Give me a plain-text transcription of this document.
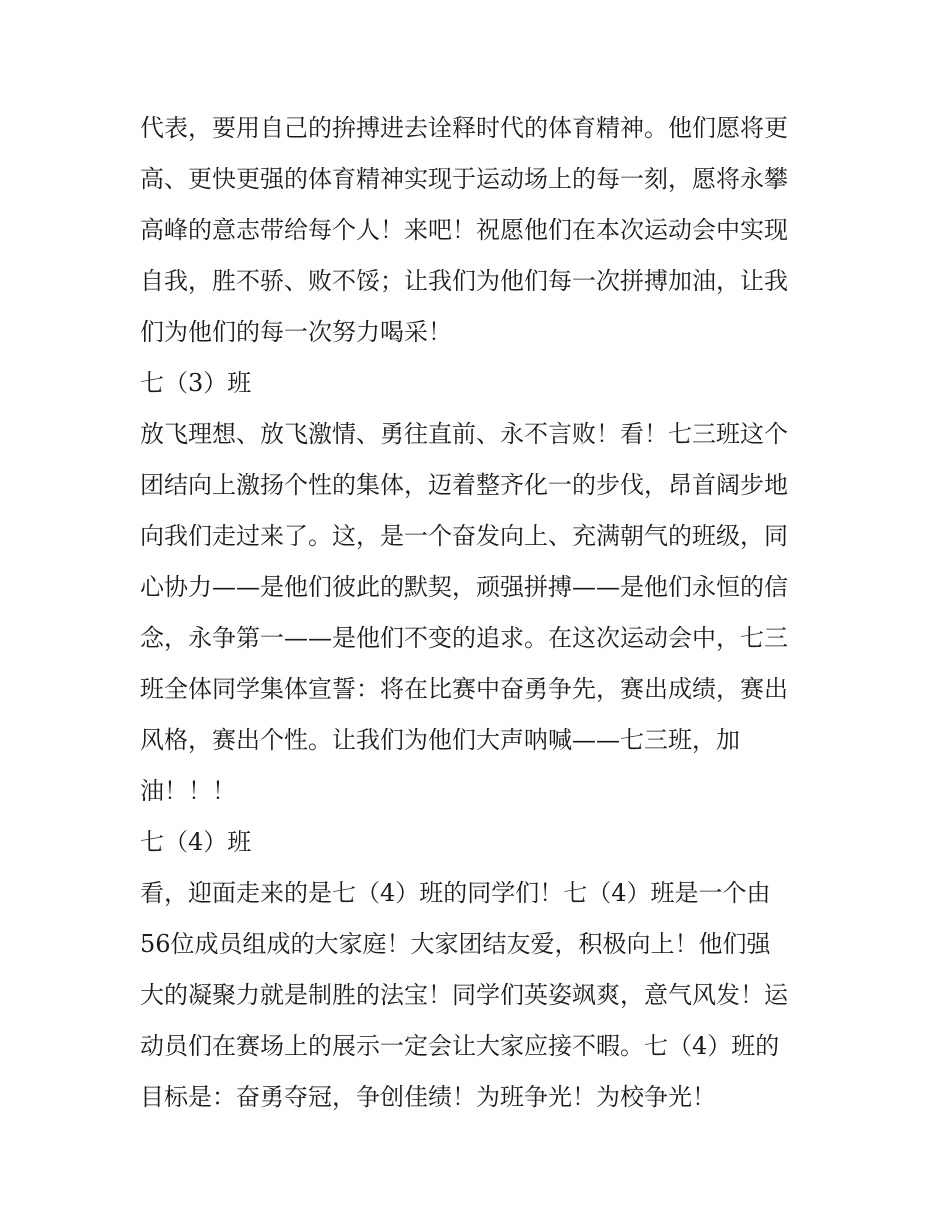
代表，要用自己的拚搏进去诠释时代的体育精神。他们愿将更
高、更快更强的体育精神实现于运动场上的每一刻，愿将永攀
高峰的意志带给每个人！来吧！祝愿他们在本次运动会中实现
自我，胜不骄、败不馁；让我们为他们每一次拼搏加油，让我
们为他们的每一次努力喝采！
七（3）班
放飞理想、放飞激情、勇往直前、永不言败！看！七三班这个
团结向上激扬个性的集体，迈着整齐化一的步伐，昂首阔步地
向我们走过来了。这，是一个奋发向上、充满朝气的班级，同
心协力——是他们彼此的默契，顽强拼搏——是他们永恒的信
念，永争第一——是他们不变的追求。在这次运动会中，七三
班全体同学集体宣誓：将在比赛中奋勇争先，赛出成绩，赛出
风格，赛出个性。让我们为他们大声呐喊——七三班，加
油！！！
七（4）班
看，迎面走来的是七（4）班的同学们！七（4）班是一个由
56位成员组成的大家庭！大家团结友爱，积极向上！他们强
大的凝聚力就是制胜的法宝！同学们英姿飒爽，意气风发！运
动员们在赛场上的展示一定会让大家应接不暇。七（4）班的
目标是：奋勇夺冠，争创佳绩！为班争光！为校争光！
